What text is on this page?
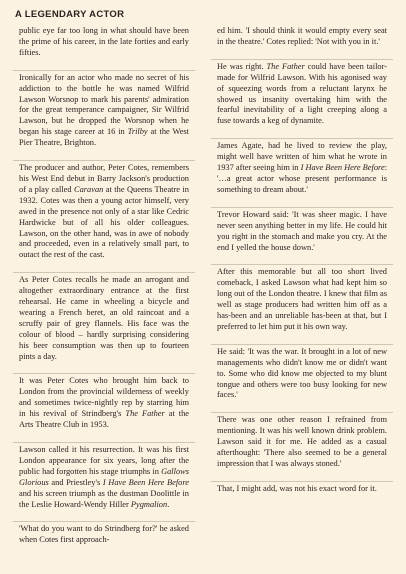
A LEGENDARY ACTOR

public eye far too long in what should have been the prime of his career, in the late forties and early fifties.

Ironically for an actor who made no secret of his addiction to the bottle he was named Wilfrid Lawson Worsnop to mark his parents' admiration for the great temperance campaigner, Sir Wilfrid Lawson, but he dropped the Worsnop when he began his stage career at 16 in Trilby at the West Pier Theatre, Brighton.

The producer and author, Peter Cotes, remembers his West End debut in Barry Jackson's production of a play called Caravan at the Queens Theatre in 1932. Cotes was then a young actor himself, very awed in the presence not only of a star like Cedric Hardwicke but of all his older colleagues. Lawson, on the other hand, was in awe of nobody and proceeded, even in a relatively small part, to outact the rest of the cast.

As Peter Cotes recalls he made an arrogant and altogether extraordinary entrance at the first rehearsal. He came in wheeling a bicycle and wearing a French beret, an old raincoat and a scruffy pair of grey flannels. His face was the colour of blood – hardly surprising considering his beer consumption was then up to fourteen pints a day.

It was Peter Cotes who brought him back to London from the provincial wilderness of weekly and sometimes twice-nightly rep by starring him in his revival of Strindberg's The Father at the Arts Theatre Club in 1953.

Lawson called it his resurrection. It was his first London appearance for six years, long after the public had forgotten his stage triumphs in Gallows Glorious and Priestley's I Have Been Here Before and his screen triumph as the dustman Doolittle in the Leslie Howard-Wendy Hiller Pygmalion.

'What do you want to do Strindberg for?' he asked when Cotes first approach-

ed him. 'I should think it would empty every seat in the theatre.' Cotes replied: 'Not with you in it.'

He was right. The Father could have been tailor-made for Wilfrid Lawson. With his agonised way of squeezing words from a reluctant larynx he showed us insanity overtaking him with the fearful inevitability of a light creeping along a fuse towards a keg of dynamite.

James Agate, had he lived to review the play, might well have written of him what he wrote in 1937 after seeing him in I Have Been Here Before: '…a great actor whose present performance is something to dream about.'

Trevor Howard said: 'It was sheer magic. I have never seen anything better in my life. He could hit you right in the stomach and make you cry. At the end I yelled the house down.'

After this memorable but all too short lived comeback, I asked Lawson what had kept him so long out of the London theatre. I knew that film as well as stage producers had written him off as a has-been and an unreliable has-been at that, but I preferred to let him put it his own way.

He said: 'It was the war. It brought in a lot of new managements who didn't know me or didn't want to. Some who did know me objected to my blunt tongue and others were too busy looking for new faces.'

There was one other reason I refrained from mentioning. It was his well known drink problem. Lawson said it for me. He added as a casual afterthought: 'There also seemed to be a general impression that I was always stoned.'

That, I might add, was not his exact word for it.
